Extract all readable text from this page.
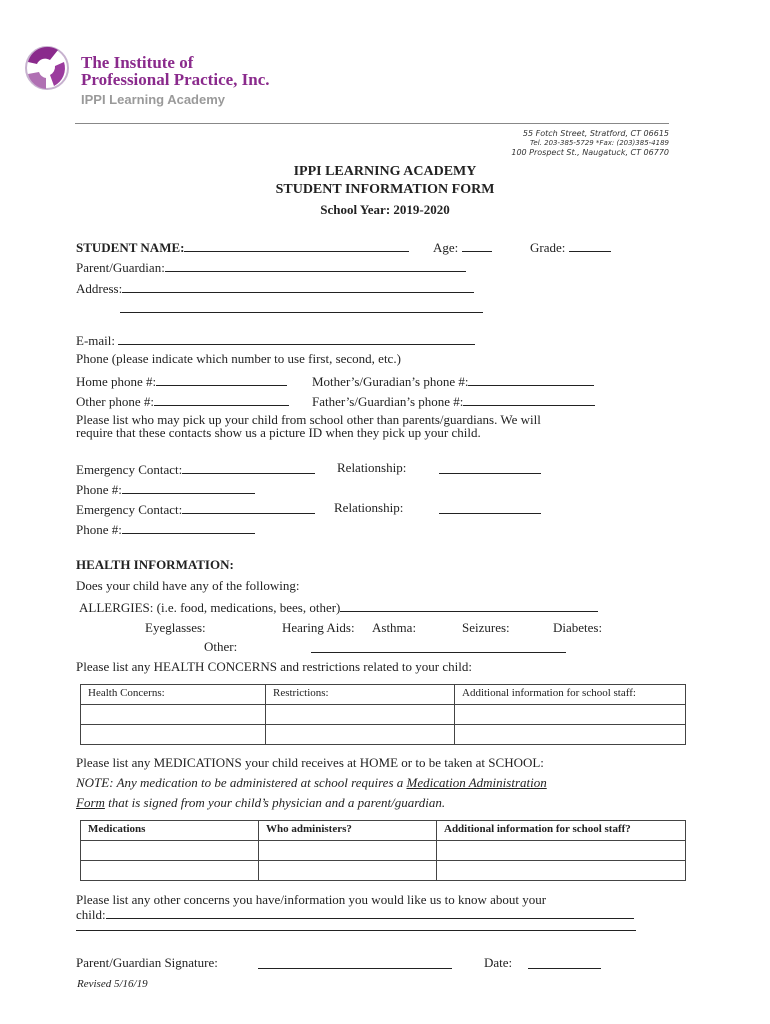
The Institute of
Professional Practice, Inc.
IPPI Learning Academy
55 Fotch Street, Stratford, CT 06615
Tel. 203-385-5729 *Fax: (203)385-4189
100 Prospect St., Naugatuck, CT 06770
IPPI LEARNING ACADEMY
STUDENT INFORMATION FORM
School Year: 2019-2020
STUDENT NAME:	Age:	Grade:
Parent/Guardian:
Address:
E-mail:
Phone (please indicate which number to use first, second, etc.)
Home phone #:	Mother’s/Guradian’s phone #:
Other phone #:	Father’s/Guardian’s phone #:
Please list who may pick up your child from school other than parents/guardians. We will
require that these contacts show us a picture ID when they pick up your child.
Emergency Contact:	Relationship:
Phone #:
Emergency Contact:	Relationship:
Phone #:
HEALTH INFORMATION:
Does your child have any of the following:
ALLERGIES: (i.e. food, medications, bees, other)
Eyeglasses:	Hearing Aids: Asthma:	Seizures:	Diabetes:
Other:
Please list any HEALTH CONCERNS and restrictions related to your child:
Health Concerns:	Restrictions:	Additional information for school staff:

Please list any MEDICATIONS your child receives at HOME or to be taken at SCHOOL:
NOTE: Any medication to be administered at school requires a Medication Administration
Form that is signed from your child’s physician and a parent/guardian.
Medications	Who administers?	Additional information for school staff?

Please list any other concerns you have/information you would like us to know about your
child:
Parent/Guardian Signature:	Date:
Revised 5/16/19
